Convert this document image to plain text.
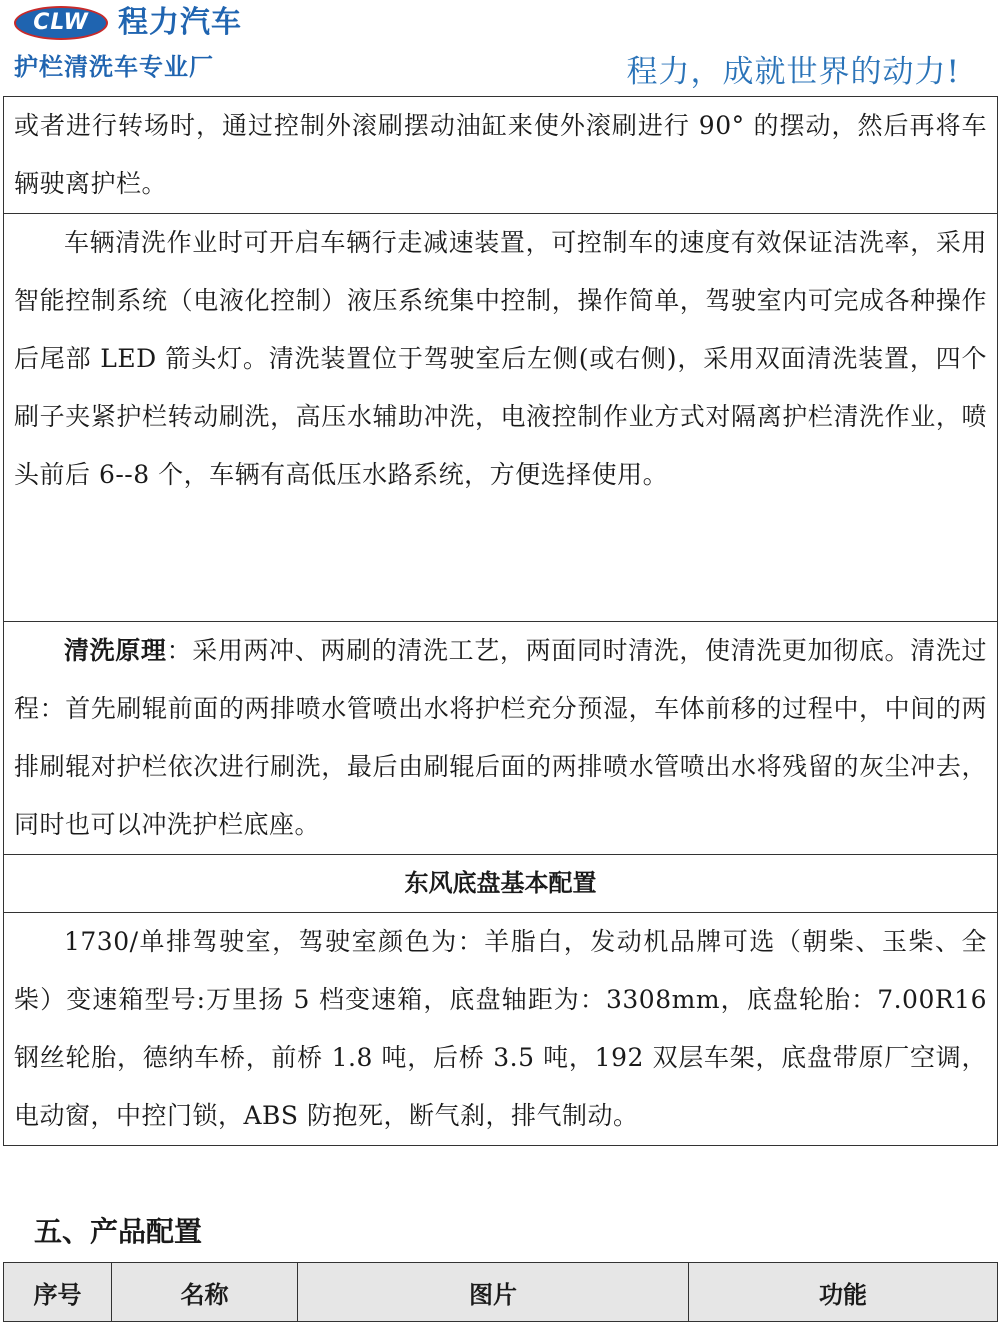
CLW 程力汽车
护栏清洗车专业厂	程力，成就世界的动力!

或者进行转场时，通过控制外滚刷摆动油缸来使外滚刷进行 90° 的摆动，然后再将车辆驶离护栏。

车辆清洗作业时可开启车辆行走减速装置，可控制车的速度有效保证洁洗率，采用智能控制系统（电液化控制）液压系统集中控制，操作简单，驾驶室内可完成各种操作后尾部 LED 箭头灯。清洗装置位于驾驶室后左侧(或右侧)，采用双面清洗装置，四个刷子夹紧护栏转动刷洗，高压水辅助冲洗，电液控制作业方式对隔离护栏清洗作业，喷头前后 6--8 个，车辆有高低压水路系统，方便选择使用。

清洗原理：采用两冲、两刷的清洗工艺，两面同时清洗，使清洗更加彻底。清洗过程：首先刷辊前面的两排喷水管喷出水将护栏充分预湿，车体前移的过程中，中间的两排刷辊对护栏依次进行刷洗，最后由刷辊后面的两排喷水管喷出水将残留的灰尘冲去，同时也可以冲洗护栏底座。

东风底盘基本配置

1730/单排驾驶室，驾驶室颜色为：羊脂白，发动机品牌可选（朝柴、玉柴、全柴）变速箱型号:万里扬 5 档变速箱，底盘轴距为：3308mm，底盘轮胎：7.00R16 钢丝轮胎，德纳车桥，前桥 1.8 吨，后桥 3.5 吨，192 双层车架，底盘带原厂空调，电动窗，中控门锁，ABS 防抱死，断气刹，排气制动。

五、产品配置
序号	名称	图片	功能
